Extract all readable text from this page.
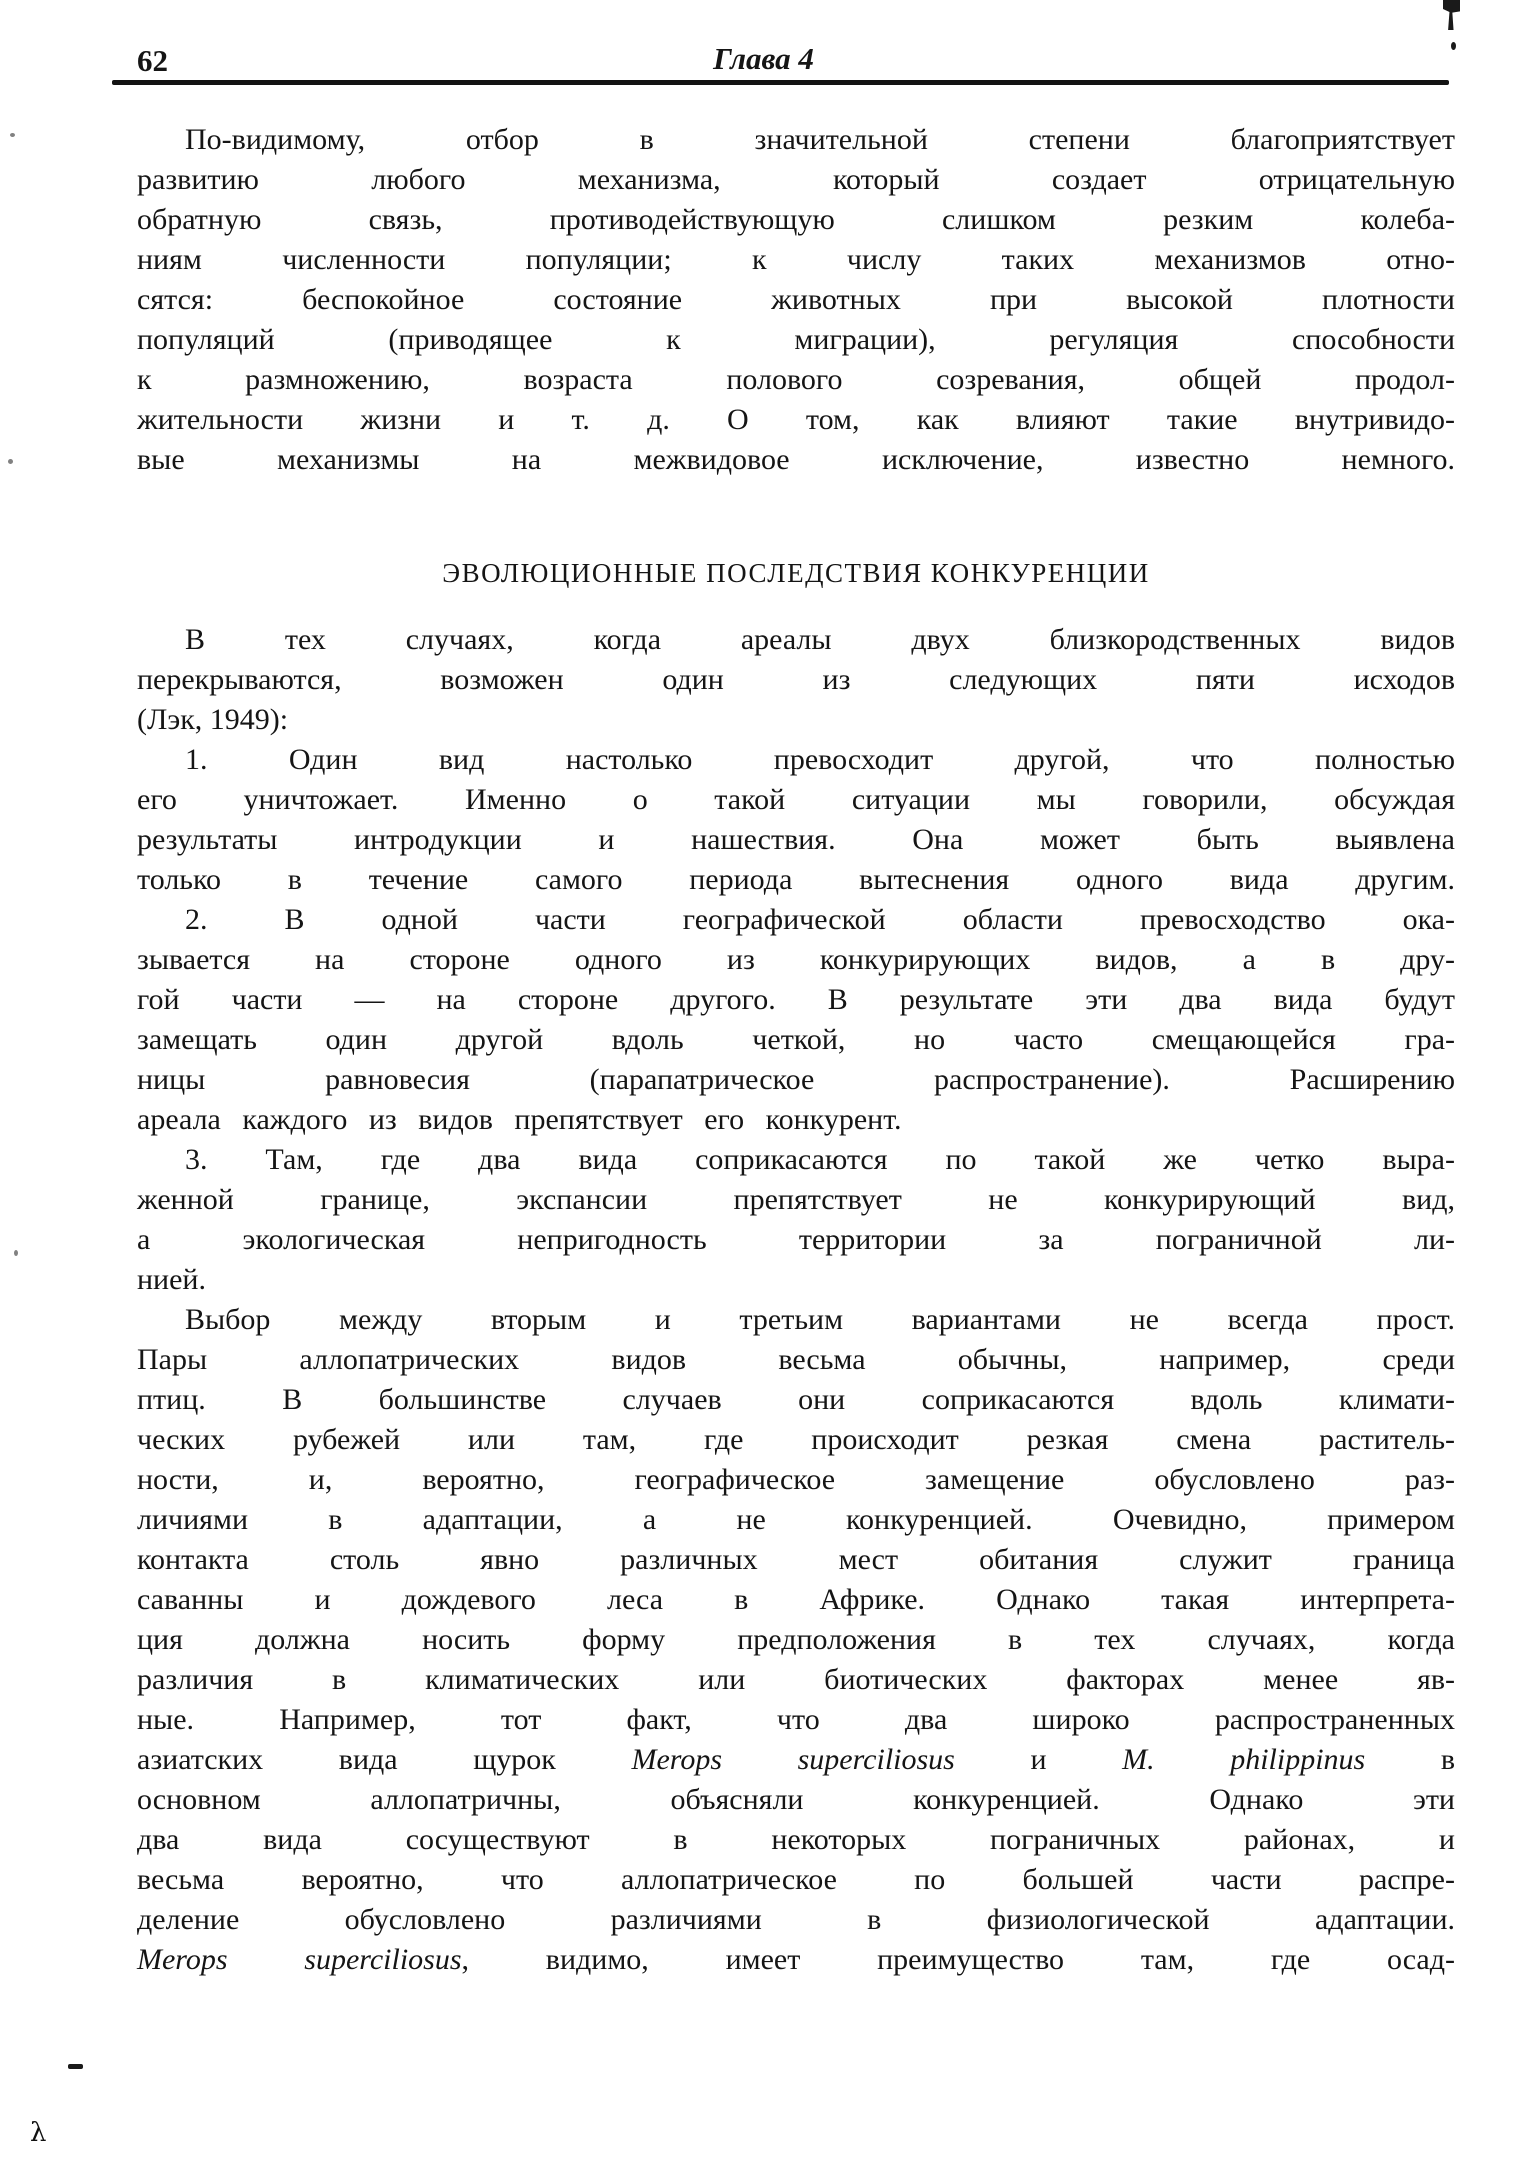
62	Глава 4
По-видимому, отбор в значительной степени благоприятствует
развитию любого механизма, который создает отрицательную
обратную связь, противодействующую слишком резким колеба-
ниям численности популяции; к числу таких механизмов отно-
сятся: беспокойное состояние животных при высокой плотности
популяций (приводящее к миграции), регуляция способности
к размножению, возраста полового созревания, общей продол-
жительности жизни и т. д. О том, как влияют такие внутривидо-
вые механизмы на межвидовое исключение, известно немного.
ЭВОЛЮЦИОННЫЕ ПОСЛЕДСТВИЯ КОНКУРЕНЦИИ
В тех случаях, когда ареалы двух близкородственных видов
перекрываются, возможен один из следующих пяти исходов
(Лэк, 1949):
1. Один вид настолько превосходит другой, что полностью
его уничтожает. Именно о такой ситуации мы говорили, обсуждая
результаты интродукции и нашествия. Она может быть выявлена
только в течение самого периода вытеснения одного вида другим.
2. В одной части географической области превосходство ока-
зывается на стороне одного из конкурирующих видов, а в дру-
гой части — на стороне другого. В результате эти два вида будут
замещать один другой вдоль четкой, но часто смещающейся гра-
ницы равновесия (парапатрическое распространение). Расширению
ареала каждого из видов препятствует его конкурент.
3. Там, где два вида соприкасаются по такой же четко выра-
женной границе, экспансии препятствует не конкурирующий вид,
а экологическая непригодность территории за пограничной ли-
нией.
Выбор между вторым и третьим вариантами не всегда прост.
Пары аллопатрических видов весьма обычны, например, среди
птиц. В большинстве случаев они соприкасаются вдоль климати-
ческих рубежей или там, где происходит резкая смена раститель-
ности, и, вероятно, географическое замещение обусловлено раз-
личиями в адаптации, а не конкуренцией. Очевидно, примером
контакта столь явно различных мест обитания служит граница
саванны и дождевого леса в Африке. Однако такая интерпрета-
ция должна носить форму предположения в тех случаях, когда
различия в климатических или биотических факторах менее яв-
ные. Например, тот факт, что два широко распространенных
азиатских вида щурок Merops superciliosus и M. philippinus в
основном аллопатричны, объясняли конкуренцией. Однако эти
два вида сосуществуют в некоторых пограничных районах, и
весьма вероятно, что аллопатрическое по большей части распре-
деление обусловлено различиями в физиологической адаптации.
Merops superciliosus, видимо, имеет преимущество там, где осад-
λ
